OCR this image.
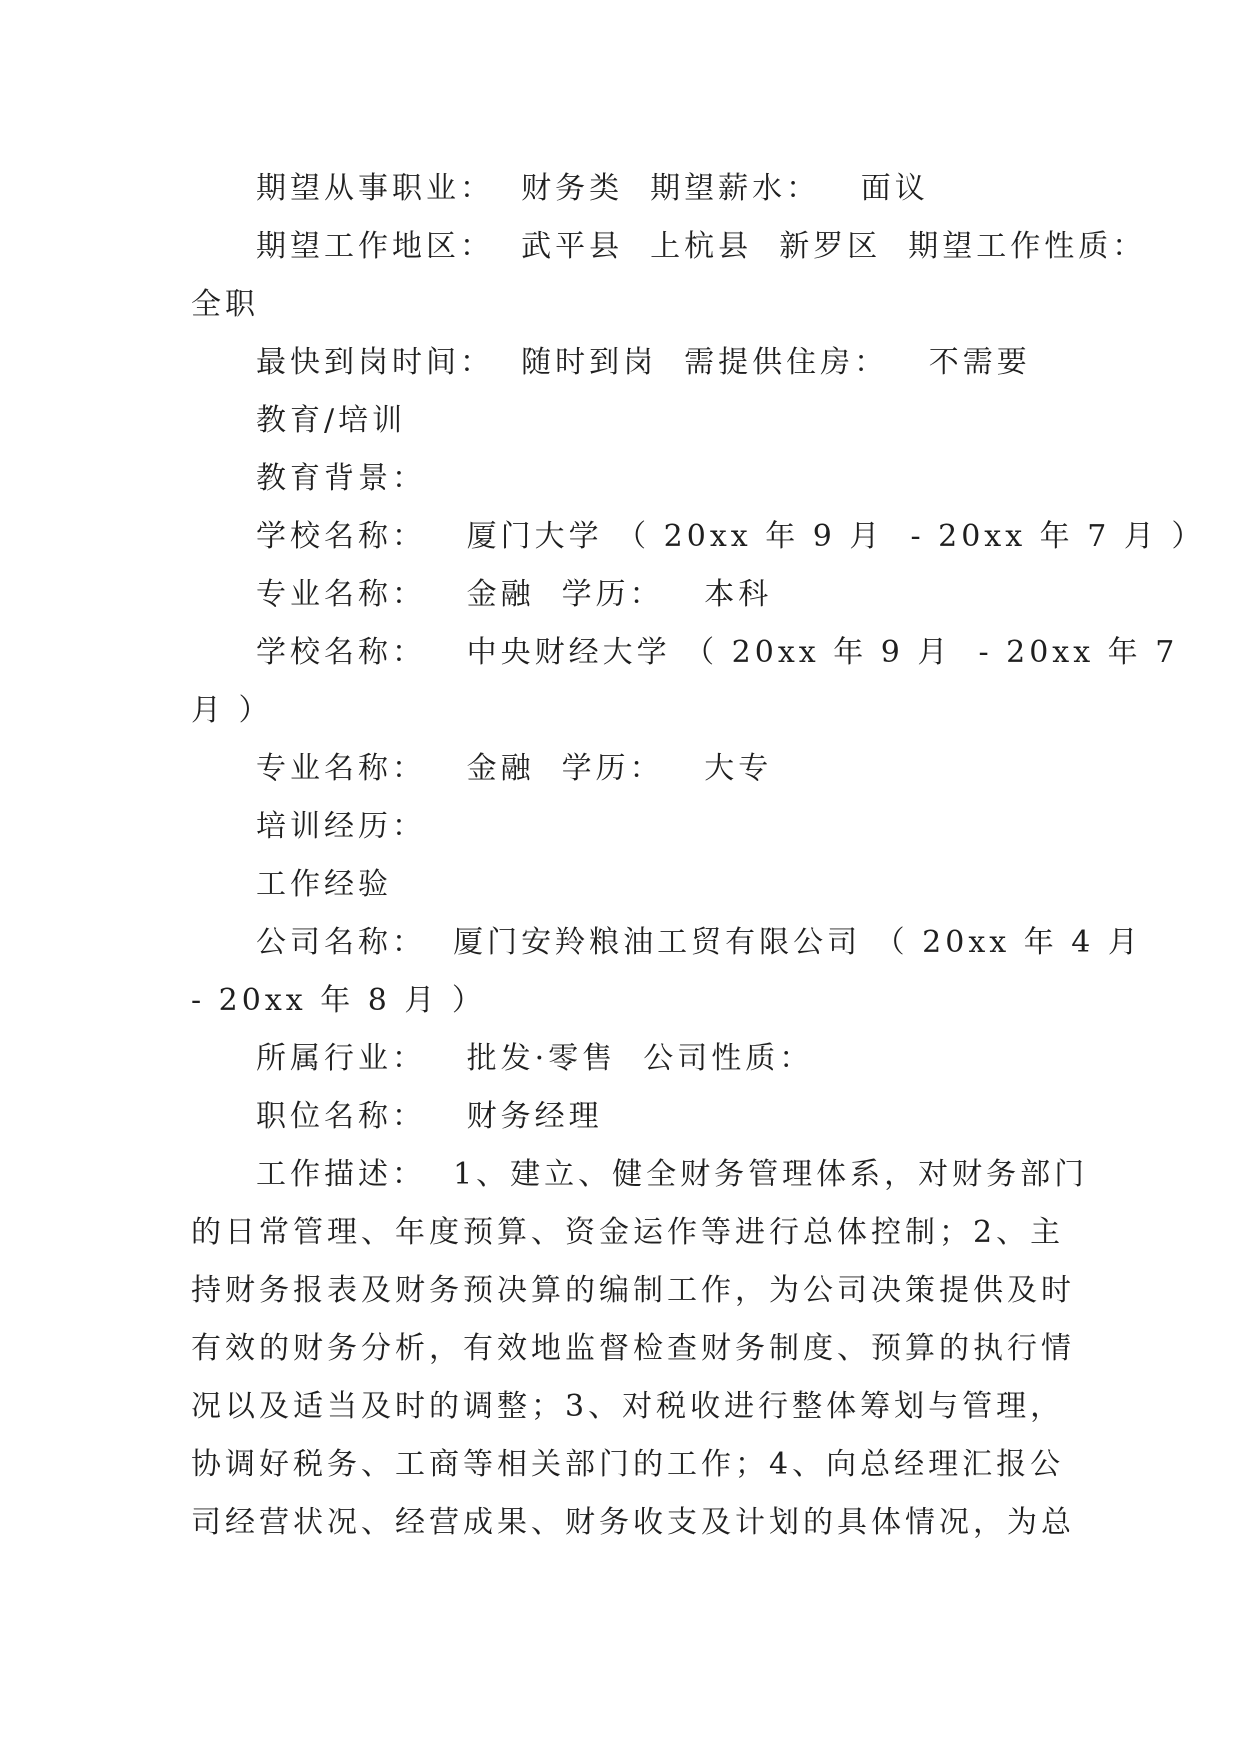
期望从事职业：  财务类  期望薪水：   面议
期望工作地区：  武平县  上杭县  新罗区  期望工作性质：
全职
最快到岗时间：  随时到岗  需提供住房：   不需要
教育/培训
教育背景：
学校名称：   厦门大学 （ 20xx 年 9 月  - 20xx 年 7 月 ）
专业名称：   金融  学历：   本科
学校名称：   中央财经大学 （ 20xx 年 9 月  - 20xx 年 7
月 ）
专业名称：   金融  学历：   大专
培训经历：
工作经验
公司名称：  厦门安羚粮油工贸有限公司 （ 20xx 年 4 月
- 20xx 年 8 月 ）
所属行业：   批发·零售  公司性质：
职位名称：   财务经理
工作描述：  1、建立、健全财务管理体系，对财务部门
的日常管理、年度预算、资金运作等进行总体控制；2、主
持财务报表及财务预决算的编制工作，为公司决策提供及时
有效的财务分析，有效地监督检查财务制度、预算的执行情
况以及适当及时的调整；3、对税收进行整体筹划与管理，
协调好税务、工商等相关部门的工作；4、向总经理汇报公
司经营状况、经营成果、财务收支及计划的具体情况，为总
